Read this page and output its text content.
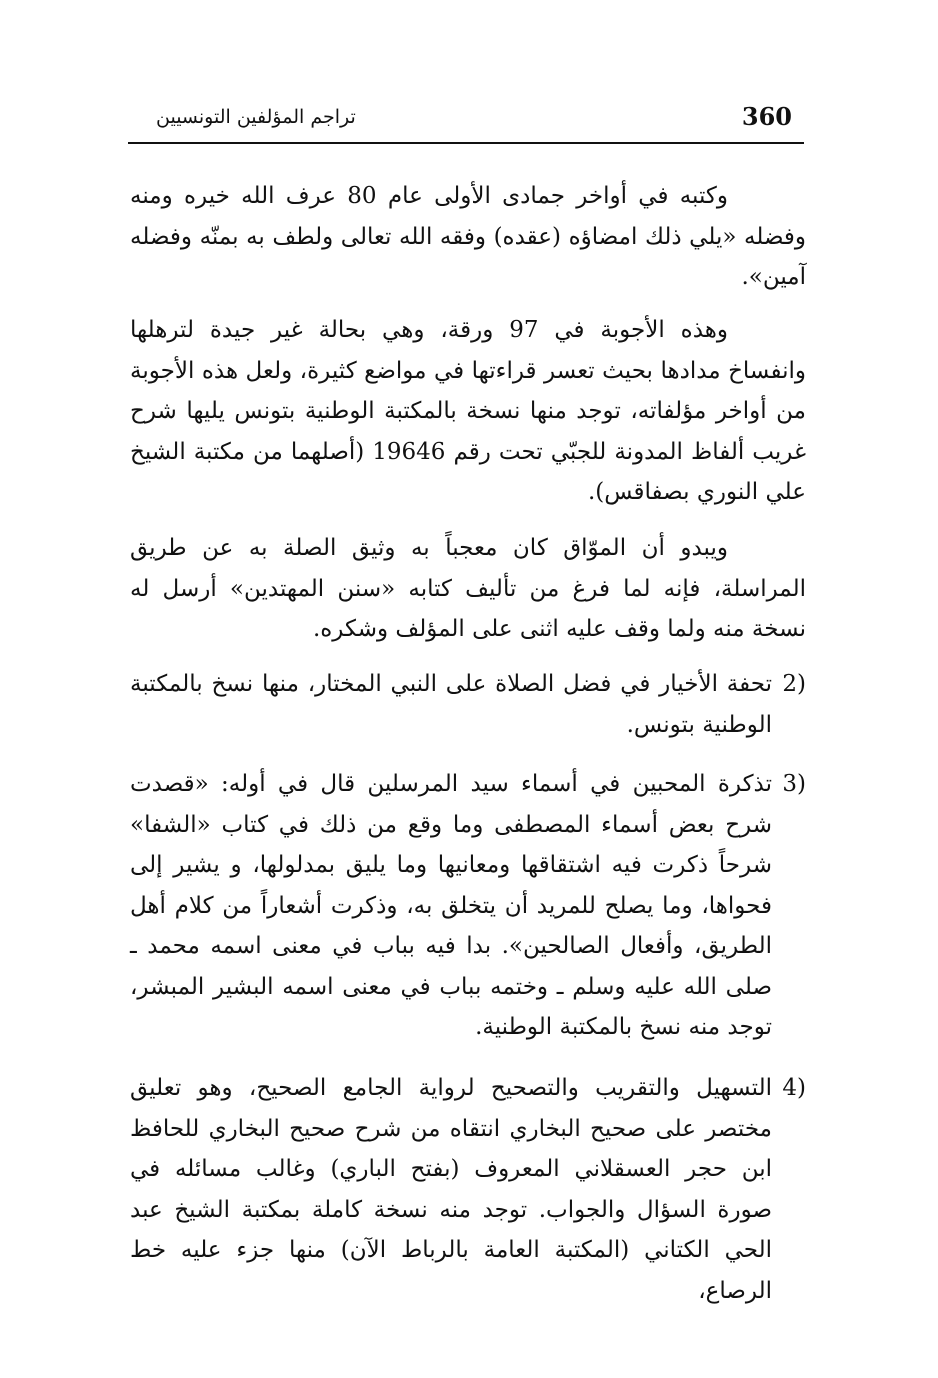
360
تراجم المؤلفين التونسيين

وكتبه في أواخر جمادى الأولى عام 80 عرف الله خيره ومنه وفضله «يلي ذلك امضاؤه (عقده) وفقه الله تعالى ولطف به بمنّه وفضله آمين».

وهذه الأجوبة في 97 ورقة، وهي بحالة غير جيدة لترهلها وانفساخ مدادها بحيث تعسر قراءتها في مواضع كثيرة، ولعل هذه الأجوبة من أواخر مؤلفاته، توجد منها نسخة بالمكتبة الوطنية بتونس يليها شرح غريب ألفاظ المدونة للجبّي تحت رقم 19646 (أصلهما من مكتبة الشيخ علي النوري بصفاقس).

ويبدو أن الموّاق كان معجباً به وثيق الصلة به عن طريق المراسلة، فإنه لما فرغ من تأليف كتابه «سنن المهتدين» أرسل له نسخة منه ولما وقف عليه اثنى على المؤلف وشكره.

2)
تحفة الأخيار في فضل الصلاة على النبي المختار، منها نسخ بالمكتبة الوطنية بتونس.
3)
تذكرة المحبين في أسماء سيد المرسلين قال في أوله: «قصدت شرح بعض أسماء المصطفى وما وقع من ذلك في كتاب «الشفا» شرحاً ذكرت فيه اشتقاقها ومعانيها وما يليق بمدلولها، و يشير إلى فحواها، وما يصلح للمريد أن يتخلق به، وذكرت أشعاراً من كلام أهل الطريق، وأفعال الصالحين». بدا فيه بباب في معنى اسمه محمد ـ صلى الله عليه وسلم ـ وختمه بباب في معنى اسمه البشير المبشر، توجد منه نسخ بالمكتبة الوطنية.
4)
التسهيل والتقريب والتصحيح لرواية الجامع الصحيح، وهو تعليق مختصر على صحيح البخاري انتقاه من شرح صحيح البخاري للحافظ ابن حجر العسقلاني المعروف (بفتح الباري) وغالب مسائله في صورة السؤال والجواب. توجد منه نسخة كاملة بمكتبة الشيخ عبد الحي الكتاني (المكتبة العامة بالرباط الآن) منها جزء عليه خط الرصاع،
